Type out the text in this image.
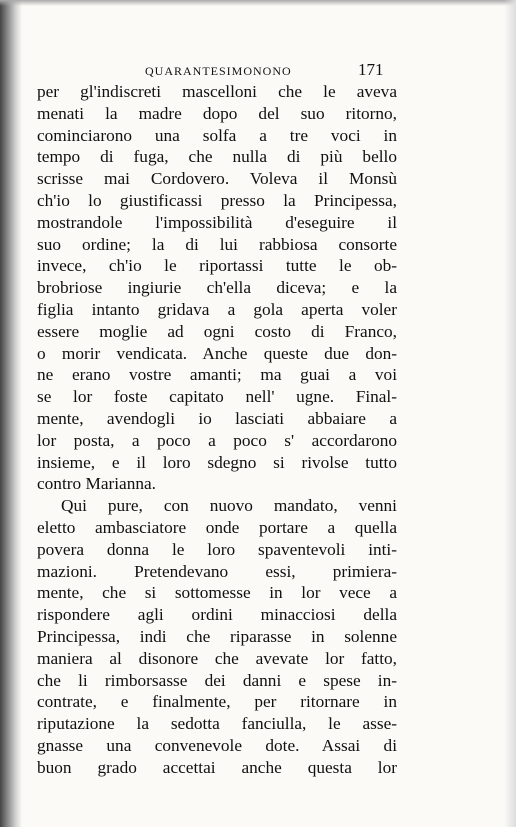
QUARANTESIMONONO	171
per gl'indiscreti mascelloni che le aveva
menati la madre dopo del suo ritorno,
cominciarono una solfa a tre voci in
tempo di fuga, che nulla di più bello
scrisse mai Cordovero. Voleva il Monsù
ch'io lo giustificassi presso la Principessa,
mostrandole l'impossibilità d'eseguire il
suo ordine; la di lui rabbiosa consorte
invece, ch'io le riportassi tutte le ob-
brobriose ingiurie ch'ella diceva; e la
figlia intanto gridava a gola aperta voler
essere moglie ad ogni costo di Franco,
o morir vendicata. Anche queste due don-
ne erano vostre amanti; ma guai a voi
se lor foste capitato nell' ugne. Final-
mente, avendogli io lasciati abbaiare a
lor posta, a poco a poco s' accordarono
insieme, e il loro sdegno si rivolse tutto
contro Marianna.
Qui pure, con nuovo mandato, venni
eletto ambasciatore onde portare a quella
povera donna le loro spaventevoli inti-
mazioni. Pretendevano essi, primiera-
mente, che si sottomesse in lor vece a
rispondere agli ordini minacciosi della
Principessa, indi che riparasse in solenne
maniera al disonore che avevate lor fatto,
che li rimborsasse dei danni e spese in-
contrate, e finalmente, per ritornare in
riputazione la sedotta fanciulla, le asse-
gnasse una convenevole dote. Assai di
buon grado accettai anche questa lor
